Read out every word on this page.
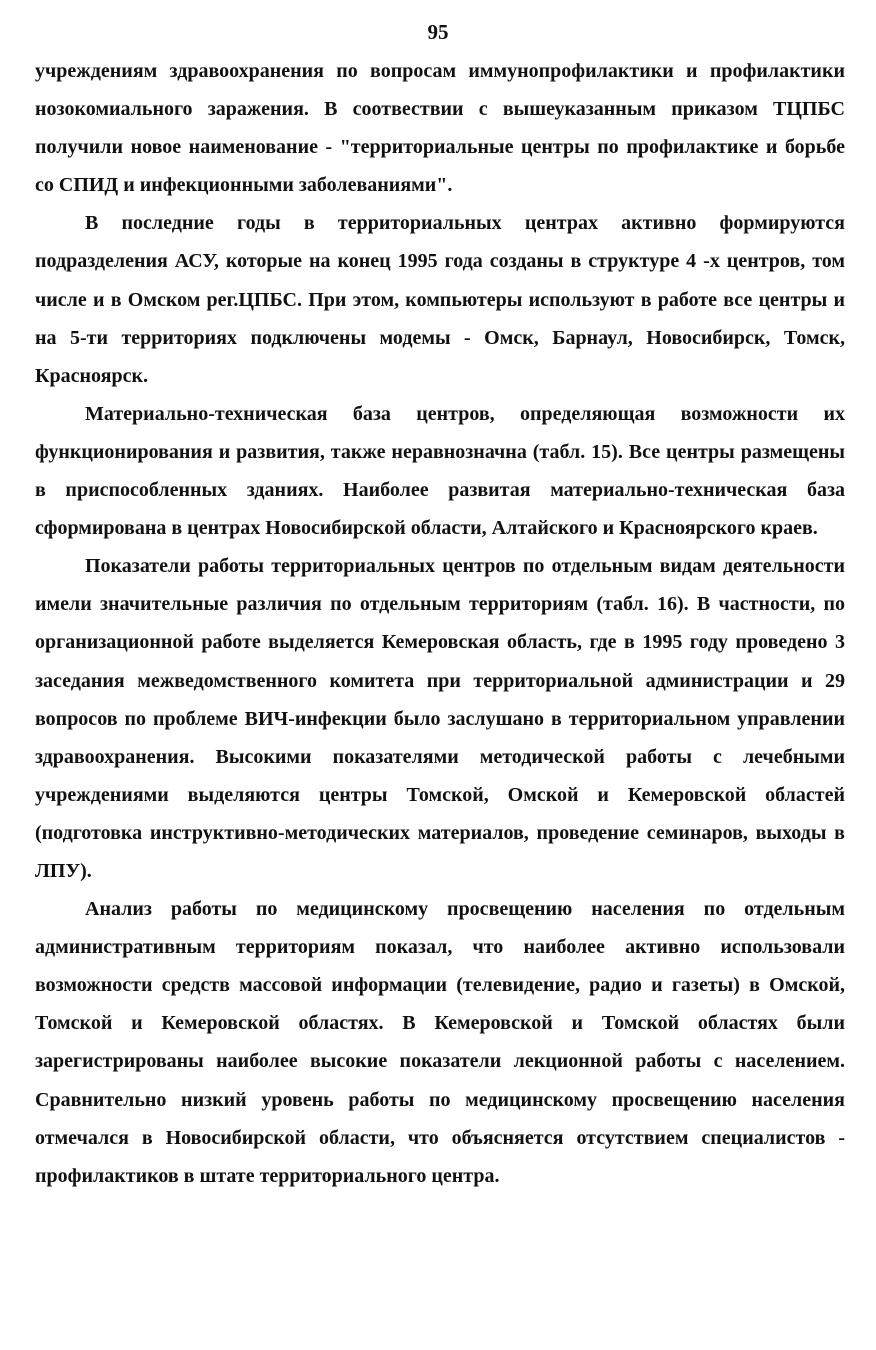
95

учреждениям здравоохранения по вопросам иммунопрофилактики и профилактики нозокомиального заражения. В соотвествии с вышеуказанным приказом ТЦПБС получили новое наименование - "территориальные центры по профилактике и борьбе со СПИД и инфекционными заболеваниями".

В последние годы в территориальных центрах активно формируются подразделения АСУ, которые на конец 1995 года созданы в структуре 4 -х центров, том числе и в Омском рег.ЦПБС. При этом, компьютеры используют в работе все центры и на 5-ти территориях подключены модемы - Омск, Барнаул, Новосибирск, Томск, Красноярск.

Материально-техническая база центров, определяющая возможности их функционирования и развития, также неравнозначна (табл. 15). Все центры размещены в приспособленных зданиях. Наиболее развитая материально-техническая база сформирована в центрах Новосибирской области, Алтайского и Красноярского краев.

Показатели работы территориальных центров по отдельным видам деятельности имели значительные различия по отдельным территориям (табл. 16). В частности, по организационной работе выделяется Кемеровская область, где в 1995 году проведено 3 заседания межведомственного комитета при территориальной администрации и 29 вопросов по проблеме ВИЧ-инфекции было заслушано в территориальном управлении здравоохранения. Высокими показателями методической работы с лечебными учреждениями выделяются центры Томской, Омской и Кемеровской областей (подготовка инструктивно-методических материалов, проведение семинаров, выходы в ЛПУ).

Анализ работы по медицинскому просвещению населения по отдельным административным территориям показал, что наиболее активно использовали возможности средств массовой информации (телевидение, радио и газеты) в Омской, Томской и Кемеровской областях. В Кемеровской и Томской областях были зарегистрированы наиболее высокие показатели лекционной работы с населением. Сравнительно низкий уровень работы по медицинскому просвещению населения отмечался в Новосибирской области, что объясняется отсутствием специалистов - профилактиков в штате территориального центра.
